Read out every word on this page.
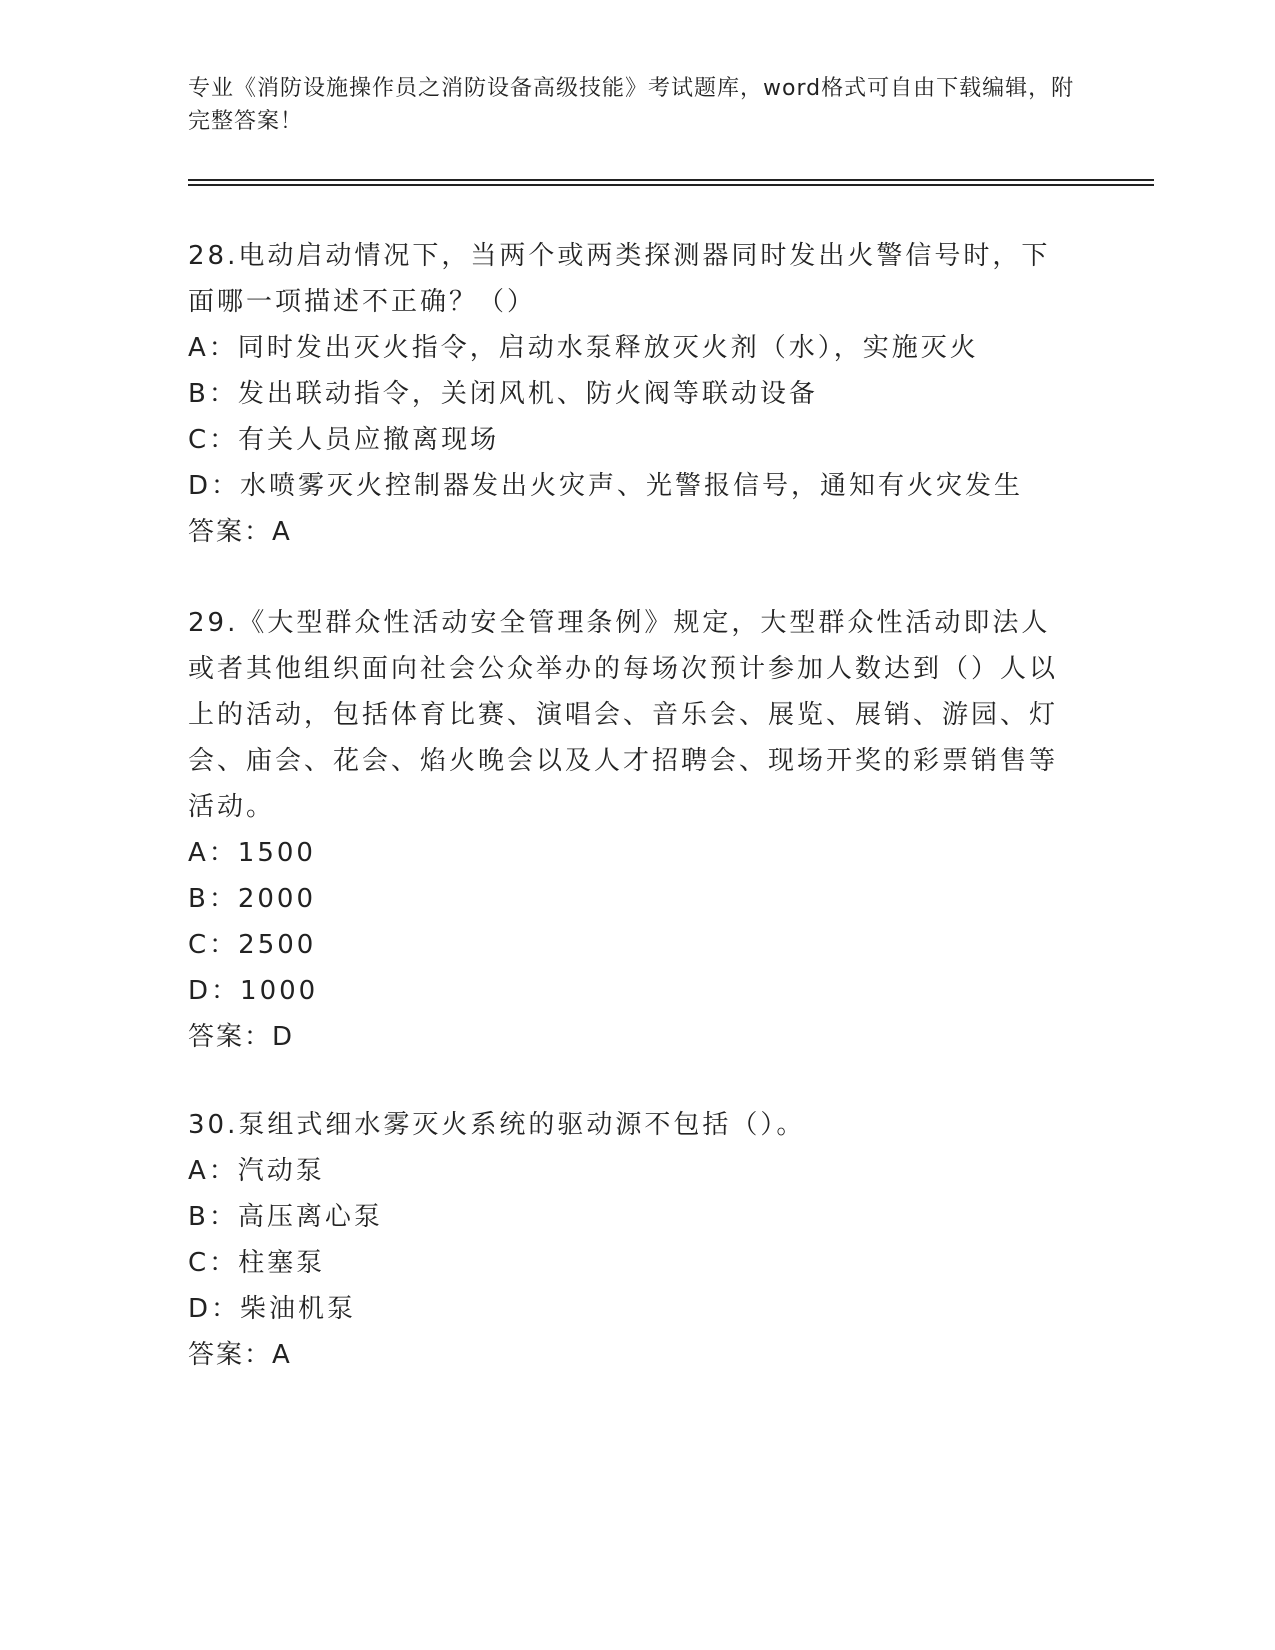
专业《消防设施操作员之消防设备高级技能》考试题库，word格式可自由下载编辑，附完整答案！

28.电动启动情况下，当两个或两类探测器同时发出火警信号时，下面哪一项描述不正确？（）

A：同时发出灭火指令，启动水泵释放灭火剂（水），实施灭火
B：发出联动指令，关闭风机、防火阀等联动设备
C：有关人员应撤离现场
D：水喷雾灭火控制器发出火灾声、光警报信号，通知有火灾发生
答案：A

29.《大型群众性活动安全管理条例》规定，大型群众性活动即法人或者其他组织面向社会公众举办的每场次预计参加人数达到（）人以上的活动，包括体育比赛、演唱会、音乐会、展览、展销、游园、灯会、庙会、花会、焰火晚会以及人才招聘会、现场开奖的彩票销售等活动。

A：1500
B：2000
C：2500
D：1000
答案：D

30.泵组式细水雾灭火系统的驱动源不包括（）。

A：汽动泵
B：高压离心泵
C：柱塞泵
D：柴油机泵
答案：A
